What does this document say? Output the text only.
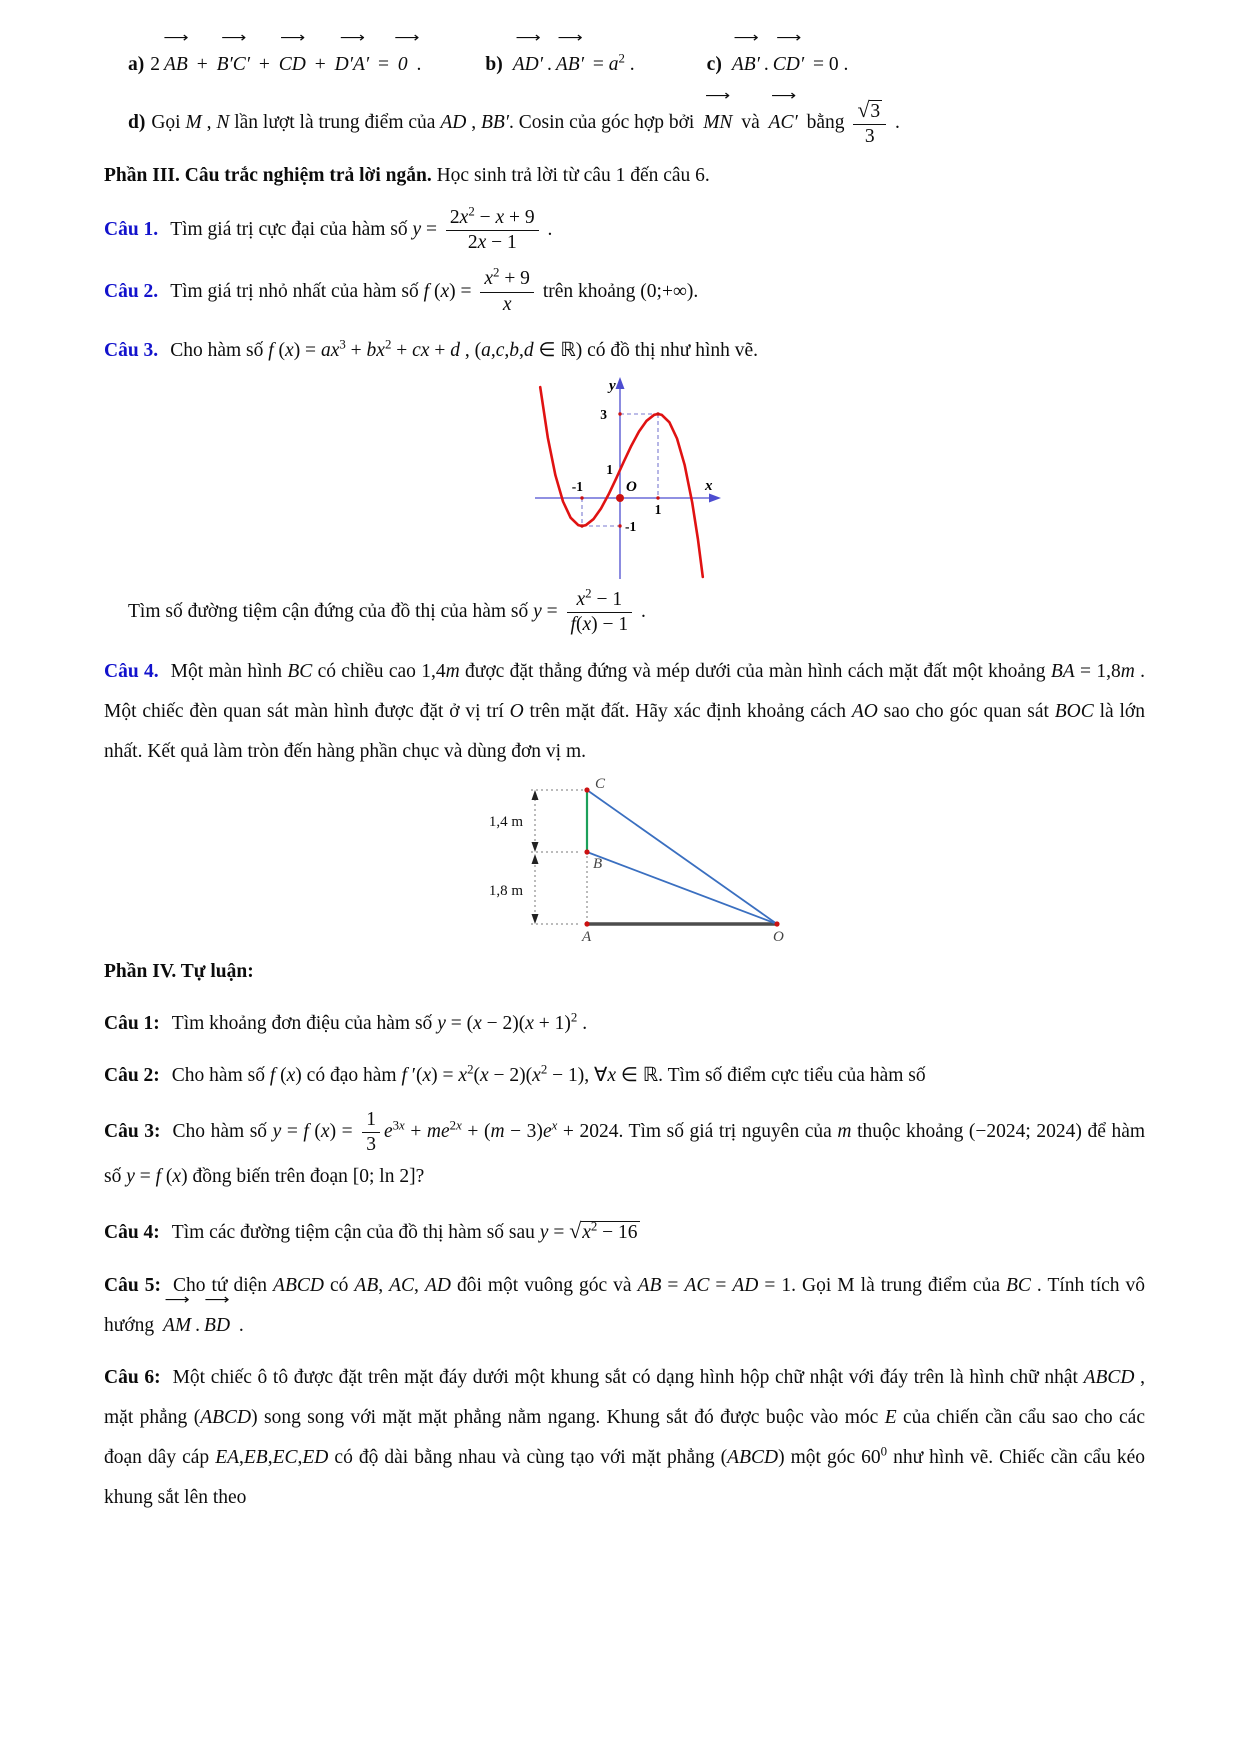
a) 2 AB
⟶
+ B′C′
⟶
+ CD
⟶
+ D′A′
⟶
= 0
⟶
.	b) AD′
⟶
. AB′
⟶
= $a^2$ .	c) AB′
⟶
. CD′
⟶
= 0 .

d) Gọi M , N lần lượt là trung điểm của AD , BB′. Cosin của góc hợp bởi MN
⟶
và AC′
⟶
bằng $\frac{√3}{3}$ .

Phần III. Câu trắc nghiệm trả lời ngắn. Học sinh trả lời từ câu 1 đến câu 6.

Câu 1. Tìm giá trị cực đại của hàm số $y = \frac{2x^2 - x + 9}{2x - 1}$ .

Câu 2. Tìm giá trị nhỏ nhất của hàm số f $(x) = \frac{x^2 + 9}{x}$ trên khoảng (0;+∞).

Câu 3. Cho hàm số f $(x) = ax^3 + bx^2$ + cx + d , (a,c,b,d ∈ ℝ) có đồ thị như hình vẽ.

y
x
O
3
1
-1
1
-1

Tìm số đường tiệm cận đứng của đồ thị của hàm số $y = \frac{x^2 - 1}{f(x) - 1}$ .

Câu 4. Một màn hình BC có chiều cao 1,4m được đặt thẳng đứng và mép dưới của màn hình cách mặt đất một khoảng BA = 1,8m . Một chiếc đèn quan sát màn hình được đặt ở vị trí O trên mặt đất. Hãy xác định khoảng cách AO sao cho góc quan sát BOC là lớn nhất. Kết quả làm tròn đến hàng phần chục và dùng đơn vị m.

C
B
A	O
1,4 m
1,8 m

Phần IV. Tự luận:

Câu 1: Tìm khoảng đơn điệu của hàm số $y = (x - 2)(x + 1)^2$ .

Câu 2: Cho hàm số f (x) có đạo hàm f $'(x) = x^2(x - 2)(x^2 - 1)$, ∀x ∈ ℝ. Tìm số điểm cực tiểu của hàm số

Câu 3: Cho hàm số y = f $(x) = \frac{1}{3} e^{3x} + me^{2x} + (m - 3)e^x + 2024$. Tìm số giá trị nguyên của m thuộc khoảng (−2024; 2024) để hàm số y = f (x) đồng biến trên đoạn [0; ln 2]?

Câu 4: Tìm các đường tiệm cận của đồ thị hàm số sau $y = √x^2 - 16$

Câu 5: Cho tứ diện ABCD có AB, AC, AD đôi một vuông góc và AB = AC = AD = 1. Gọi M là trung điểm của BC . Tính tích vô hướng AM
⟶
. BD
⟶
.

Câu 6: Một chiếc ô tô được đặt trên mặt đáy dưới một khung sắt có dạng hình hộp chữ nhật với đáy trên là hình chữ nhật ABCD , mặt phẳng (ABCD) song song với mặt mặt phẳng nằm ngang. Khung sắt đó được buộc vào móc E của chiến cần cẩu sao cho các đoạn dây cáp EA,EB,EC,ED có độ dài bằng nhau và cùng tạo với mặt phẳng (ABCD) một góc $60^0$ như hình vẽ. Chiếc cần cẩu kéo khung sắt lên theo
